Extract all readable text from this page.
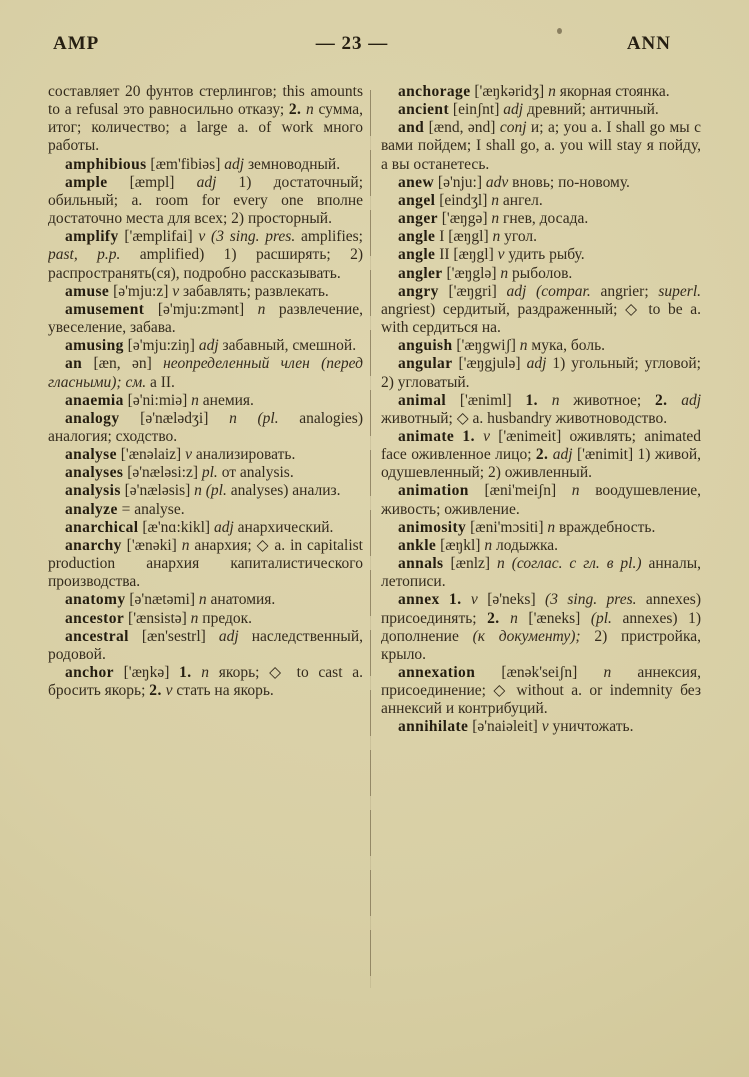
AMP	— 23 —	ANN

составляет 20 фунтов стерлингов; this amounts to a refusal это равносильно отказу; 2. n сумма, итог; количество; a large a. of work много работы.

amphibious [æm'fibiəs] adj земноводный.

ample [æmpl] adj 1) достаточный; обильный; a. room for every one вполне достаточно места для всех; 2) просторный.

amplify ['æmplifai] v (3 sing. pres. amplifies; past, p.p. amplified) 1) расширять; 2) распространять(ся), подробно рассказывать.

amuse [ə'mju:z] v забавлять; развлекать.

amusement [ə'mju:zmənt] n развлечение, увеселение, забава.

amusing [ə'mju:ziŋ] adj забавный, смешной.

an [æn, ən] неопределенный член (перед гласными); см. a II.

anaemia [ə'ni:miə] n анемия.

analogy [ə'nælədʒi] n (pl. analogies) аналогия; сходство.

analyse ['ænəlaiz] v анализировать.

analyses [ə'næləsi:z] pl. от analysis.

analysis [ə'næləsis] n (pl. analyses) анализ.

analyze = analyse.

anarchical [æ'nɑ:kikl] adj анархический.

anarchy ['ænəki] n анархия; ◇ a. in capitalist production анархия капиталистического производства.

anatomy [ə'nætəmi] n анатомия.

ancestor ['ænsistə] n предок.

ancestral [æn'sestrl] adj наследственный, родовой.

anchor ['æŋkə] 1. n якорь; ◇ to cast a. бросить якорь; 2. v стать на якорь.

anchorage ['æŋkəridʒ] n якорная стоянка.

ancient [einʃnt] adj древний; античный.

and [ænd, ənd] conj и; а; you a. I shall go мы с вами пойдем; I shall go, a. you will stay я пойду, а вы останетесь.

anew [ə'nju:] adv вновь; по-новому.

angel [eindʒl] n ангел.

anger ['æŋgə] n гнев, досада.

angle I [æŋgl] n угол.

angle II [æŋgl] v удить рыбу.

angler ['æŋglə] n рыболов.

angry ['æŋgri] adj (compar. angrier; superl. angriest) сердитый, раздраженный; ◇ to be a. with сердиться на.

anguish ['æŋgwiʃ] n мука, боль.

angular ['æŋgjulə] adj 1) угольный; угловой; 2) угловатый.

animal ['æniml] 1. n животное; 2. adj животный; ◇ a. husbandry животноводство.

animate 1. v ['ænimeit] оживлять; animated face оживленное лицо; 2. adj ['ænimit] 1) живой, одушевленный; 2) оживленный.

animation [æni'meiʃn] n воодушевление, живость; оживление.

animosity [æni'mɔsiti] n враждебность.

ankle [æŋkl] n лодыжка.

annals [ænlz] n (соглас. с гл. в pl.) анналы, летописи.

annex 1. v [ə'neks] (3 sing. pres. annexes) присоединять; 2. n ['æneks] (pl. annexes) 1) дополнение (к документу); 2) пристройка, крыло.

annexation [ænək'seiʃn] n аннексия, присоединение; ◇ without a. or indemnity без аннексий и контрибуций.

annihilate [ə'naiəleit] v уничтожать.
